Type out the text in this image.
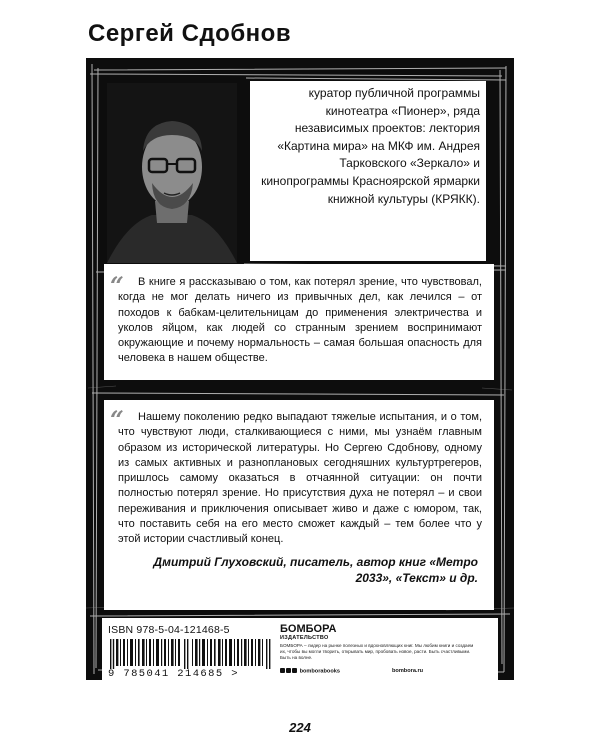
Сергей Сдобнов
куратор публичной программы кинотеатра «Пионер», ряда независимых проектов: лектория «Картина мира» на МКФ им. Андрея Тарковского «Зеркало» и кинопрограммы Красноярской ярмарки книжной культуры (КРЯКК).
“	В книге я рассказываю о том, как потерял зрение, что чувствовал, когда не мог делать ничего из привычных дел, как лечился – от походов к бабкам-целительницам до применения электричества и уколов яйцом, как людей со странным зрением воспринимают окружающие и почему нормальность – самая большая опасность для человека в нашем обществе.

“	Нашему поколению редко выпадают тяжелые испытания, и о том, что чувствуют люди, сталкивающиеся с ними, мы узнаём главным образом из исторической литературы. Но Сергею Сдобнову, одному из самых активных и разноплановых сегодняшних культуртрегеров, пришлось самому оказаться в отчаянной ситуации: он почти полностью потерял зрение. Но присутствия духа не потерял – и свои переживания и приключения описывает живо и даже с юмором, так, что поставить себя на его место сможет каждый – тем более что у этой истории счастливый конец.

Дмитрий Глуховский, писатель, автор книг «Метро 2033», «Текст» и др.
ISBN 978-5-04-121468-5
9 785041 214685 >
БОМБОРА
ИЗДАТЕЛЬСТВО
БОМБОРА – лидер на рынке полезных и вдохновляющих книг. Мы любим книги и создаем их, чтобы вы могли творить, открывать мир, пробовать новое, расти. Быть счастливыми. Быть на волне.
bomborabooks	bombora.ru
224
